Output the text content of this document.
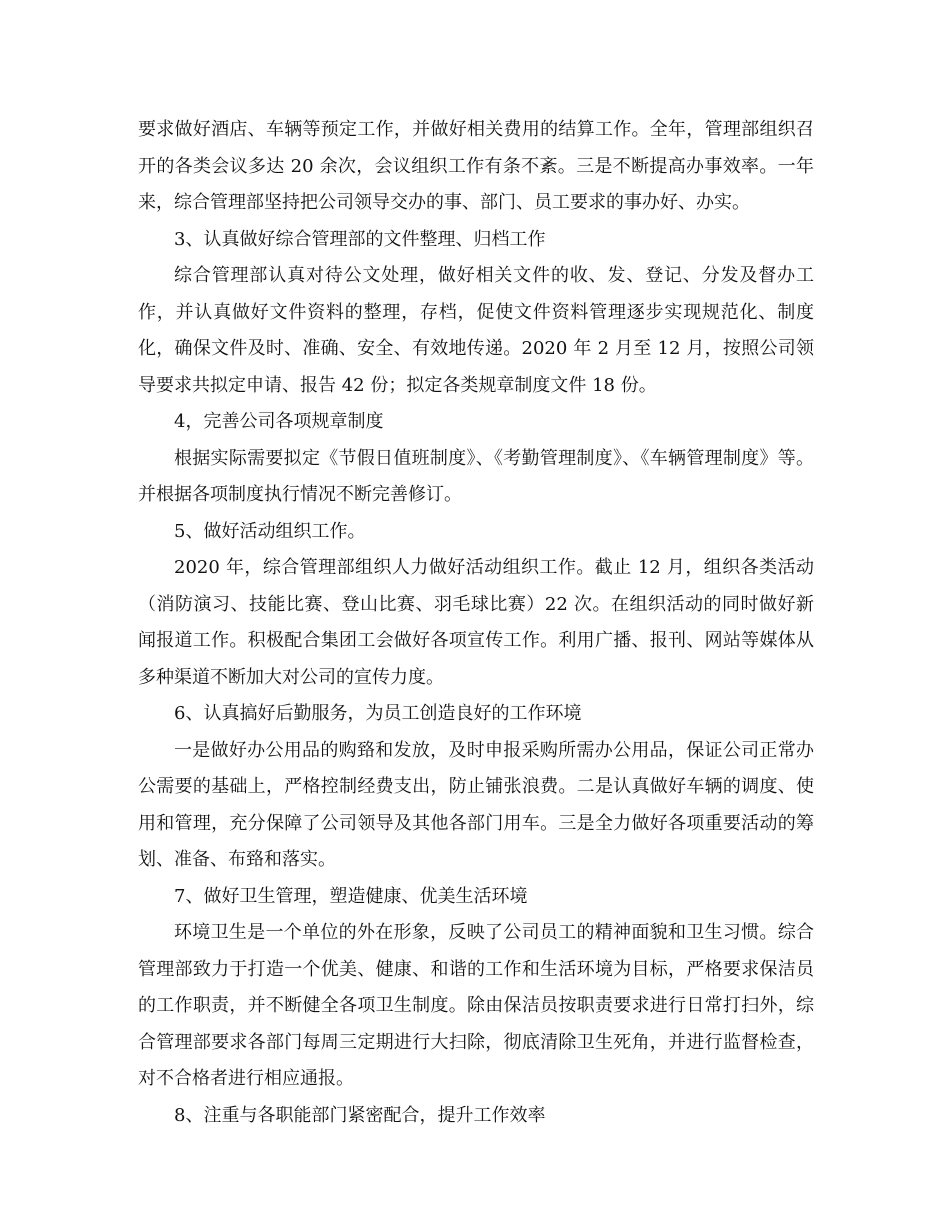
要求做好酒店、车辆等预定工作，并做好相关费用的结算工作。全年，管理部组织召开的各类会议多达 20 余次，会议组织工作有条不紊。三是不断提高办事效率。一年来，综合管理部坚持把公司领导交办的事、部门、员工要求的事办好、办实。

3、认真做好综合管理部的文件整理、归档工作

综合管理部认真对待公文处理，做好相关文件的收、发、登记、分发及督办工作，并认真做好文件资料的整理，存档，促使文件资料管理逐步实现规范化、制度化，确保文件及时、准确、安全、有效地传递。2020 年 2 月至 12 月，按照公司领导要求共拟定申请、报告 42 份；拟定各类规章制度文件 18 份。

4，完善公司各项规章制度

根据实际需要拟定《节假日值班制度》、《考勤管理制度》、《车辆管理制度》等。并根据各项制度执行情况不断完善修订。

5、做好活动组织工作。

2020 年，综合管理部组织人力做好活动组织工作。截止 12 月，组织各类活动（消防演习、技能比赛、登山比赛、羽毛球比赛）22 次。在组织活动的同时做好新闻报道工作。积极配合集团工会做好各项宣传工作。利用广播、报刊、网站等媒体从多种渠道不断加大对公司的宣传力度。

6、认真搞好后勤服务，为员工创造良好的工作环境

一是做好办公用品的购臵和发放，及时申报采购所需办公用品，保证公司正常办公需要的基础上，严格控制经费支出，防止铺张浪费。二是认真做好车辆的调度、使用和管理，充分保障了公司领导及其他各部门用车。三是全力做好各项重要活动的筹划、准备、布臵和落实。

7、做好卫生管理，塑造健康、优美生活环境

环境卫生是一个单位的外在形象，反映了公司员工的精神面貌和卫生习惯。综合管理部致力于打造一个优美、健康、和谐的工作和生活环境为目标，严格要求保洁员的工作职责，并不断健全各项卫生制度。除由保洁员按职责要求进行日常打扫外，综合管理部要求各部门每周三定期进行大扫除，彻底清除卫生死角，并进行监督检查，对不合格者进行相应通报。

8、注重与各职能部门紧密配合，提升工作效率
